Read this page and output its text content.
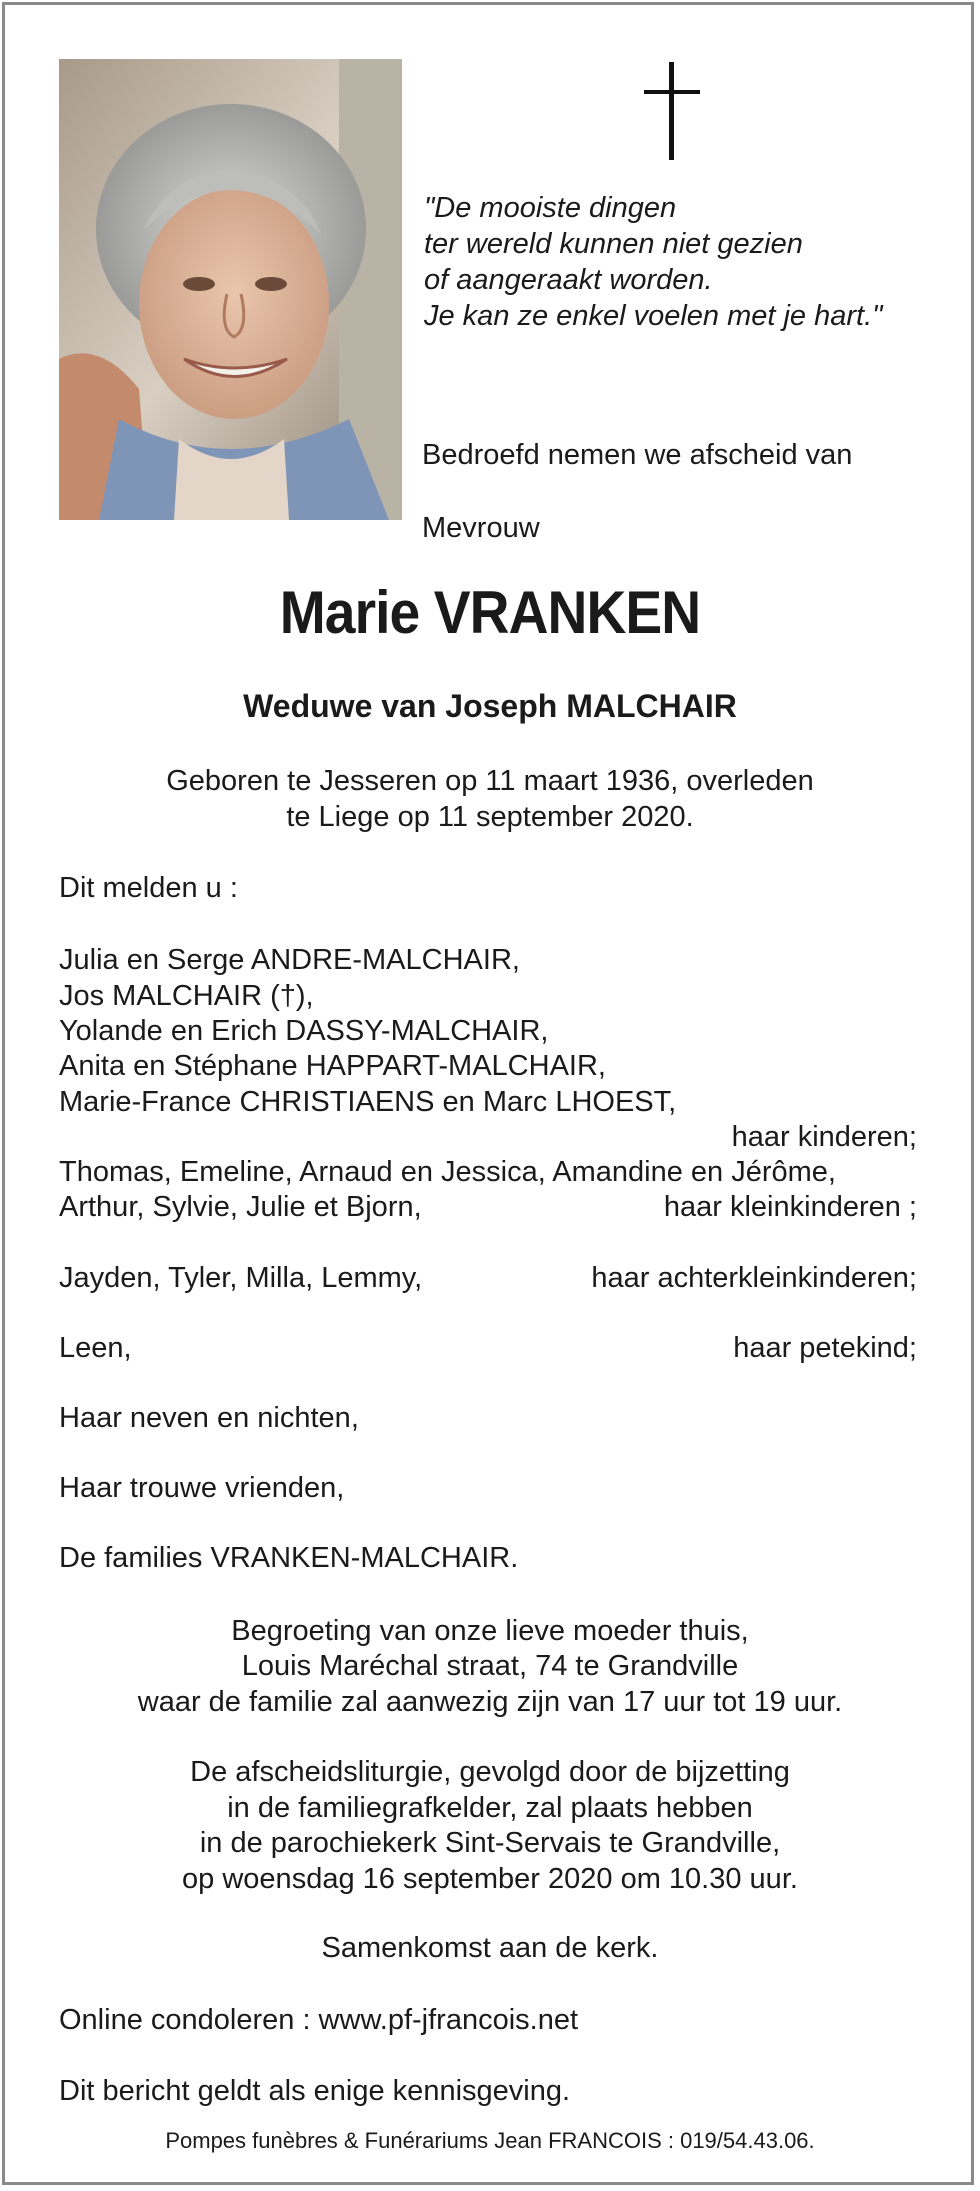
"De mooiste dingen
ter wereld kunnen niet gezien
of aangeraakt worden.
Je kan ze enkel voelen met je hart."
Bedroefd nemen we afscheid van
Mevrouw
Marie VRANKEN
Weduwe van Joseph MALCHAIR
Geboren te Jesseren op 11 maart 1936, overleden
te Liege op 11 september 2020.
Dit melden u :
Julia en Serge ANDRE-MALCHAIR,
Jos MALCHAIR (†),
Yolande en Erich DASSY-MALCHAIR,
Anita en Stéphane HAPPART-MALCHAIR,
Marie-France CHRISTIAENS en Marc LHOEST,
haar kinderen;
Thomas, Emeline, Arnaud en Jessica, Amandine en Jérôme,
Arthur, Sylvie, Julie et Bjorn,	haar kleinkinderen ;
Jayden, Tyler, Milla, Lemmy,	haar achterkleinkinderen;
Leen,	haar petekind;
Haar neven en nichten,
Haar trouwe vrienden,
De families VRANKEN-MALCHAIR.
Begroeting van onze lieve moeder thuis,
Louis Maréchal straat, 74 te Grandville
waar de familie zal aanwezig zijn van 17 uur tot 19 uur.
De afscheidsliturgie, gevolgd door de bijzetting
in de familiegrafkelder, zal plaats hebben
in de parochiekerk Sint-Servais te Grandville,
op woensdag 16 september 2020 om 10.30 uur.
Samenkomst aan de kerk.
Online condoleren : www.pf-jfrancois.net
Dit bericht geldt als enige kennisgeving.
Pompes funèbres & Funérariums Jean FRANCOIS : 019/54.43.06.
